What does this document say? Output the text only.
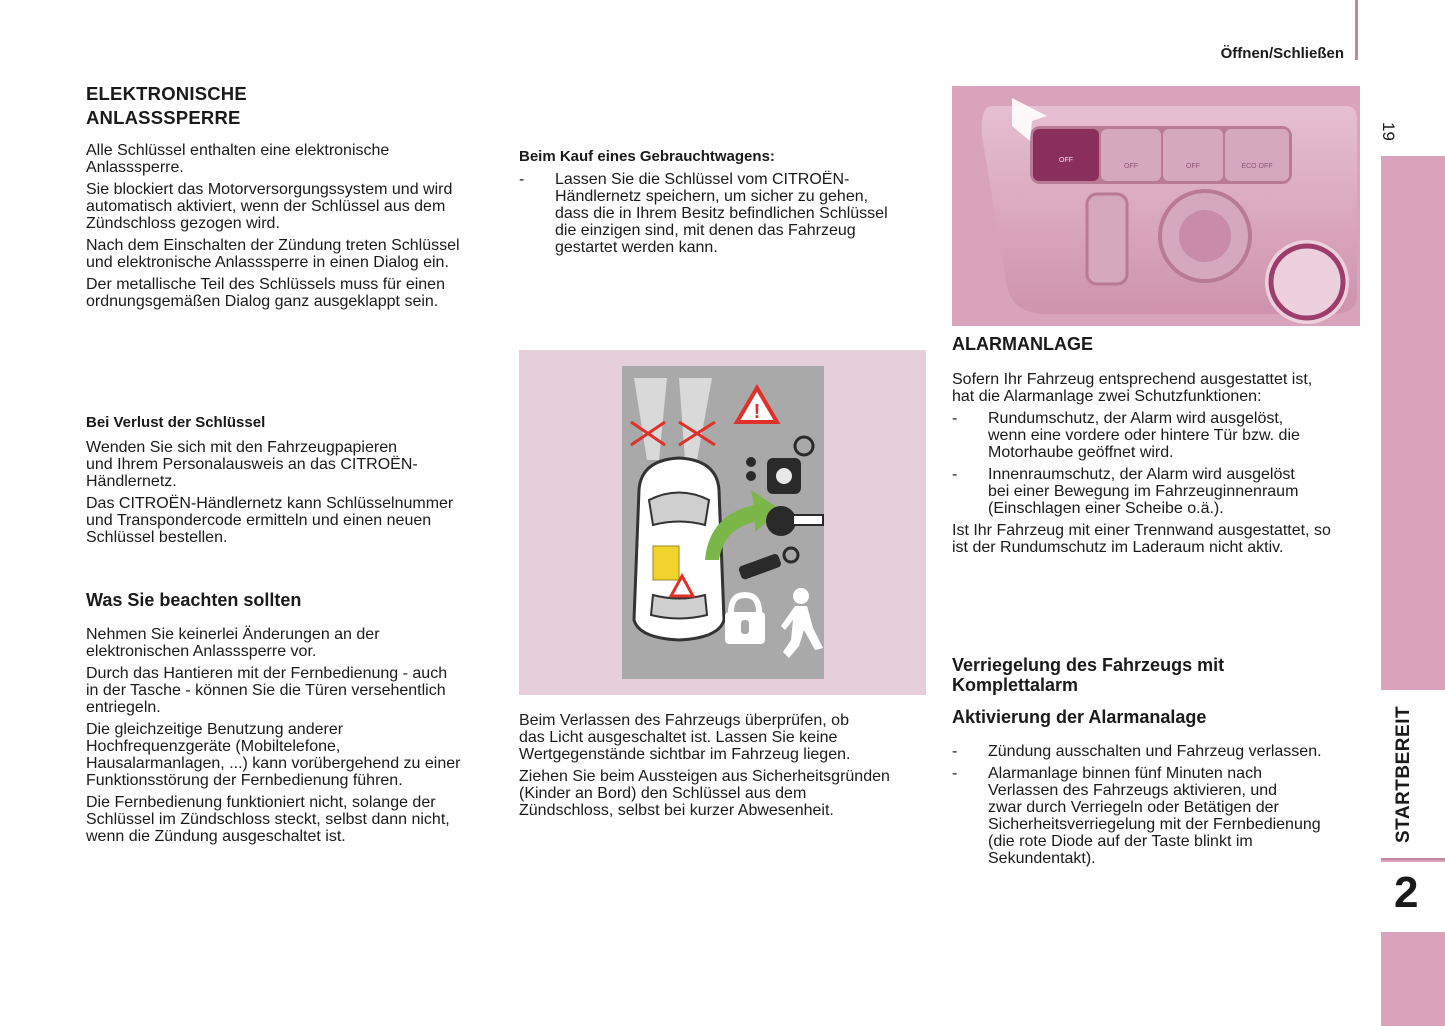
Öffnen/Schließen
19
STARTBEREIT
2
ELEKTRONISCHE
ANLASSSPERRE

Alle Schlüssel enthalten eine elektronische
Anlasssperre.

Sie blockiert das Motorversorgungssystem und wird
automatisch aktiviert, wenn der Schlüssel aus dem
Zündschloss gezogen wird.

Nach dem Einschalten der Zündung treten Schlüssel
und elektronische Anlasssperre in einen Dialog ein.

Der metallische Teil des Schlüssels muss für einen
ordnungsgemäßen Dialog ganz ausgeklappt sein.

Bei Verlust der Schlüssel

Wenden Sie sich mit den Fahrzeugpapieren
und Ihrem Personalausweis an das CITROËN-
Händlernetz.

Das CITROËN-Händlernetz kann Schlüsselnummer
und Transpondercode ermitteln und einen neuen
Schlüssel bestellen.

Was Sie beachten sollten

Nehmen Sie keinerlei Änderungen an der
elektronischen Anlasssperre vor.

Durch das Hantieren mit der Fernbedienung - auch
in der Tasche - können Sie die Türen versehentlich
entriegeln.

Die gleichzeitige Benutzung anderer
Hochfrequenzgeräte (Mobiltelefone,
Hausalarmanlagen, ...) kann vorübergehend zu einer
Funktionsstörung der Fernbedienung führen.

Die Fernbedienung funktioniert nicht, solange der
Schlüssel im Zündschloss steckt, selbst dann nicht,
wenn die Zündung ausgeschaltet ist.

Beim Kauf eines Gebrauchtwagens:
-	Lassen Sie die Schlüssel vom CITROËN-
Händlernetz speichern, um sicher zu gehen,
dass die in Ihrem Besitz befindlichen Schlüssel
die einzigen sind, mit denen das Fahrzeug
gestartet werden kann.
!

Beim Verlassen des Fahrzeugs überprüfen, ob
das Licht ausgeschaltet ist. Lassen Sie keine
Wertgegenstände sichtbar im Fahrzeug liegen.

Ziehen Sie beim Aussteigen aus Sicherheitsgründen
(Kinder an Bord) den Schlüssel aus dem
Zündschloss, selbst bei kurzer Abwesenheit.

OFF
OFF	OFF	ECO OFF
ALARMANLAGE

Sofern Ihr Fahrzeug entsprechend ausgestattet ist,
hat die Alarmanlage zwei Schutzfunktionen:

-	Rundumschutz, der Alarm wird ausgelöst,
wenn eine vordere oder hintere Tür bzw. die
Motorhaube geöffnet wird.
-	Innenraumschutz, der Alarm wird ausgelöst
bei einer Bewegung im Fahrzeuginnenraum
(Einschlagen einer Scheibe o.ä.).

Ist Ihr Fahrzeug mit einer Trennwand ausgestattet, so
ist der Rundumschutz im Laderaum nicht aktiv.

Verriegelung des Fahrzeugs mit
Komplettalarm
Aktivierung der Alarmanalage
-	Zündung ausschalten und Fahrzeug verlassen.
-	Alarmanlage binnen fünf Minuten nach
Verlassen des Fahrzeugs aktivieren, und
zwar durch Verriegeln oder Betätigen der
Sicherheitsverriegelung mit der Fernbedienung
(die rote Diode auf der Taste blinkt im
Sekundentakt).
